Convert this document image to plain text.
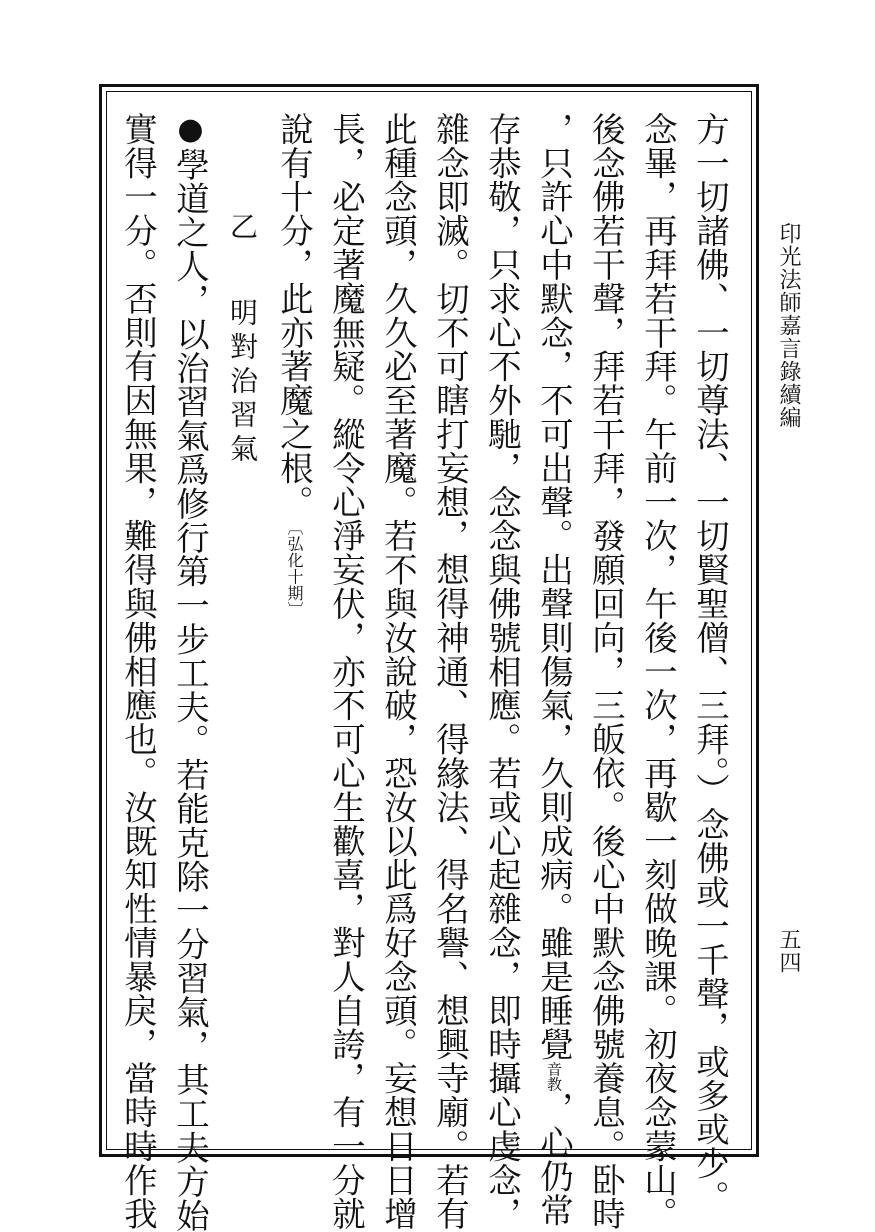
印光法師嘉言錄續編
五四
方一切諸佛、一切尊法、一切賢聖僧、三拜。）念佛或一千聲，或多或少。
念畢，再拜若干拜。午前一次，午後一次，再歇一刻做晚課。初夜念蒙山。
後念佛若干聲，拜若干拜，發願回向，三皈依。後心中默念佛號養息。卧時
，只許心中默念，不可出聲。出聲則傷氣，久則成病。雖是睡覺音教，心仍常
存恭敬，只求心不外馳，念念與佛號相應。若或心起雜念，即時攝心虔念，
雜念即滅。切不可瞎打妄想，想得神通、得緣法、得名譽、想興寺廟。若有
此種念頭，久久必至著魔。若不與汝說破，恐汝以此爲好念頭。妄想日日增
長，必定著魔無疑。縱令心淨妄伏，亦不可心生歡喜，對人自誇，有一分就
說有十分，此亦著魔之根。〔弘化十期〕
乙明對治習氣
●學道之人，以治習氣爲修行第一步工夫。若能克除一分習氣，其工夫方始
實得一分。否則有因無果，難得與佛相應也。汝既知性情暴戾，當時時作我
